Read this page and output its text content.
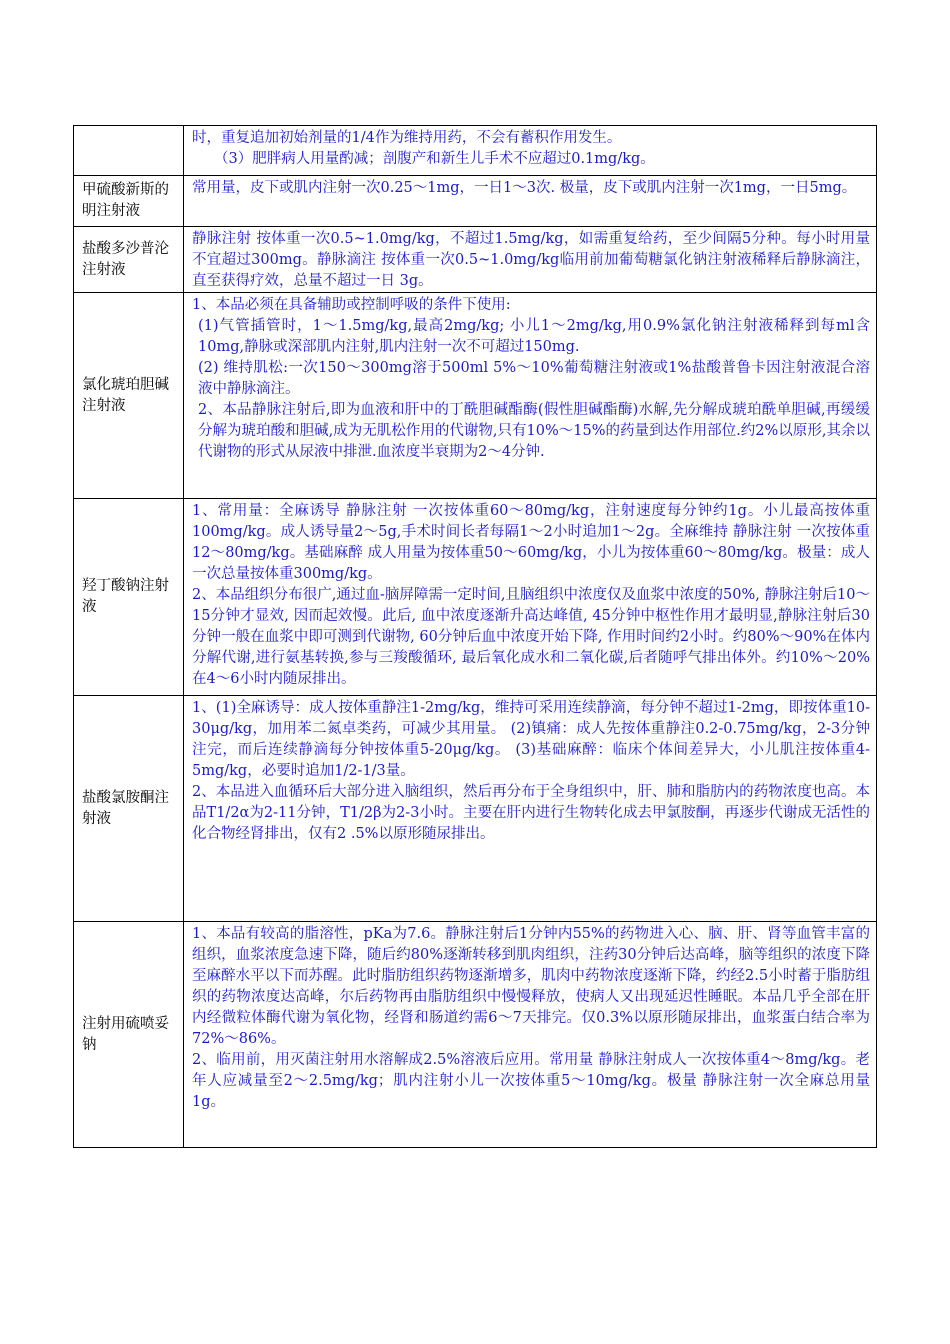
	时，重复追加初始剂量的1/4作为维持用药，不会有蓄积作用发生。
（3）肥胖病人用量酌减；剖腹产和新生儿手术不应超过0.1mg/kg。

甲硫酸新斯的明注射液	常用量，皮下或肌内注射一次0.25～1mg，一日1～3次. 极量，皮下或肌内注射一次1mg，一日5mg。

盐酸多沙普沦注射液	静脉注射 按体重一次0.5~1.0mg/kg，不超过1.5mg/kg，如需重复给药，至少间隔5分种。每小时用量不宜超过300mg。静脉滴注 按体重一次0.5~1.0mg/kg临用前加葡萄糖氯化钠注射液稀释后静脉滴注，直至获得疗效，总量不超过一日 3g。

氯化琥珀胆碱注射液	1、本品必须在具备辅助或控制呼吸的条件下使用:
(1)气管插管时，1～1.5mg/kg,最高2mg/kg; 小儿1～2mg/kg,用0.9%氯化钠注射液稀释到每ml含10mg,静脉或深部肌内注射,肌内注射一次不可超过150mg.
(2) 维持肌松:一次150～300mg溶于500ml 5%～10%葡萄糖注射液或1%盐酸普鲁卡因注射液混合溶液中静脉滴注。
2、本品静脉注射后,即为血液和肝中的丁酰胆碱酯酶(假性胆碱酯酶)水解,先分解成琥珀酰单胆碱,再缓缓分解为琥珀酸和胆碱,成为无肌松作用的代谢物,只有10%～15%的药量到达作用部位.约2%以原形,其余以代谢物的形式从尿液中排泄.血浓度半衰期为2～4分钟.

羟丁酸钠注射液	1、常用量：全麻诱导 静脉注射 一次按体重60～80mg/kg，注射速度每分钟约1g。小儿最高按体重100mg/kg。成人诱导量2～5g,手术时间长者每隔1～2小时追加1～2g。全麻维持 静脉注射 一次按体重12～80mg/kg。基础麻醉 成人用量为按体重50～60mg/kg，小儿为按体重60～80mg/kg。极量：成人一次总量按体重300mg/kg。
2、本品组织分布很广,通过血-脑屏障需一定时间,且脑组织中浓度仅及血浆中浓度的50%, 静脉注射后10～15分钟才显效, 因而起效慢。此后, 血中浓度逐渐升高达峰值, 45分钟中枢性作用才最明显,静脉注射后30分钟一般在血浆中即可测到代谢物, 60分钟后血中浓度开始下降, 作用时间约2小时。约80%～90%在体内分解代谢,进行氨基转换,参与三羧酸循环, 最后氧化成水和二氧化碳,后者随呼气排出体外。约10%～20%在4～6小时内随尿排出。

盐酸氯胺酮注射液	1、(1)全麻诱导：成人按体重静注1-2mg/kg，维持可采用连续静滴，每分钟不超过1-2mg，即按体重10-30μg/kg，加用苯二氮卓类药，可减少其用量。 (2)镇痛：成人先按体重静注0.2-0.75mg/kg，2-3分钟注完，而后连续静滴每分钟按体重5-20μg/kg。 (3)基础麻醉：临床个体间差异大，小儿肌注按体重4-5mg/kg，必要时追加1/2-1/3量。
2、本品进入血循环后大部分进入脑组织，然后再分布于全身组织中，肝、肺和脂肪内的药物浓度也高。本品T1/2α为2-11分钟，T1/2β为2-3小时。主要在肝内进行生物转化成去甲氯胺酮，再逐步代谢成无活性的化合物经肾排出，仅有2 .5%以原形随尿排出。

注射用硫喷妥钠	1、本品有较高的脂溶性，pKa为7.6。静脉注射后1分钟内55%的药物进入心、脑、肝、肾等血管丰富的组织，血浆浓度急速下降，随后约80%逐渐转移到肌肉组织，注药30分钟后达高峰，脑等组织的浓度下降至麻醉水平以下而苏醒。此时脂肪组织药物逐渐增多，肌肉中药物浓度逐渐下降，约经2.5小时蓄于脂肪组织的药物浓度达高峰，尔后药物再由脂肪组织中慢慢释放，使病人又出现延迟性睡眠。本品几乎全部在肝内经微粒体酶代谢为氧化物，经肾和肠道约需6～7天排完。仅0.3%以原形随尿排出，血浆蛋白结合率为72%～86%。
2、临用前，用灭菌注射用水溶解成2.5%溶液后应用。常用量 静脉注射成人一次按体重4～8mg/kg。老年人应减量至2～2.5mg/kg；肌内注射小儿一次按体重5～10mg/kg。极量 静脉注射一次全麻总用量1g。
